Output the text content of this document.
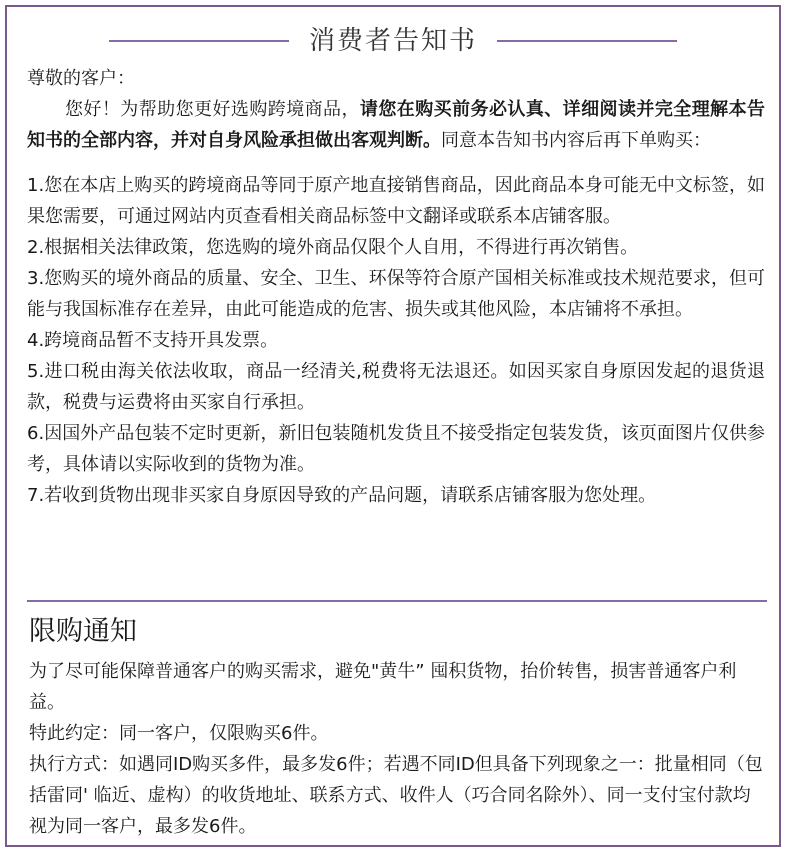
消费者告知书

尊敬的客户：

您好！为帮助您更好选购跨境商品，请您在购买前务必认真、详细阅读并完全理解本告知书的全部内容，并对自身风险承担做出客观判断。同意本告知书内容后再下单购买：

1.您在本店上购买的跨境商品等同于原产地直接销售商品，因此商品本身可能无中文标签，如果您需要，可通过网站内页查看相关商品标签中文翻译或联系本店铺客服。

2.根据相关法律政策，您选购的境外商品仅限个人自用，不得进行再次销售。

3.您购买的境外商品的质量、安全、卫生、环保等符合原产国相关标准或技术规范要求，但可能与我国标准存在差异，由此可能造成的危害、损失或其他风险，本店铺将不承担。

4.跨境商品暂不支持开具发票。

5.进口税由海关依法收取，商品一经清关,税费将无法退还。如因买家自身原因发起的退货退款，税费与运费将由买家自行承担。

6.因国外产品包装不定时更新，新旧包装随机发货且不接受指定包装发货，该页面图片仅供参考，具体请以实际收到的货物为准。

7.若收到货物出现非买家自身原因导致的产品问题，请联系店铺客服为您处理。

限购通知

为了尽可能保障普通客户的购买需求，避免"黄牛” 囤积货物，抬价转售，损害普通客户利益。

特此约定：同一客户，仅限购买6件。

执行方式：如遇同ID购买多件，最多发6件；若遇不同ID但具备下列现象之一：批量相同（包括雷同' 临近、虚构）的收货地址、联系方式、收件人（巧合同名除外）、同一支付宝付款均视为同一客户，最多发6件。
